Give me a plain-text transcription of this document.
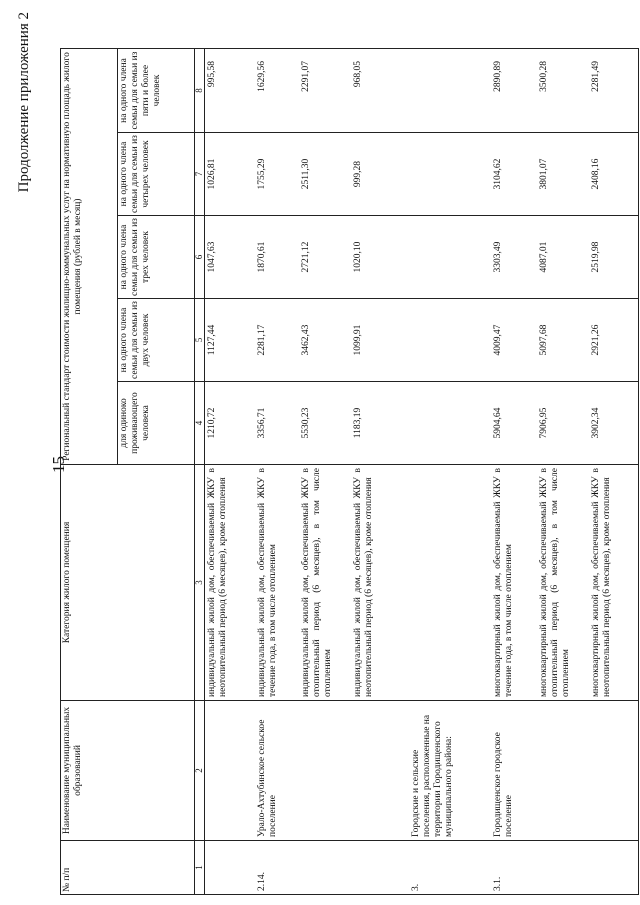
15
Продолжение приложения 2
№ п/п	Наименование муниципальных образований	Категория жилого помещения	Региональный стандарт стоимости жилищно-коммунальных услуг на нормативную площадь жилого помещения (рублей в месяц)				
			для одиноко проживающего человека	на одного члена семьи для семьи из двух человек	на одного члена семьи для семьи из трех человек	на одного члена семьи для семьи из четырех человек	на одного члена семьи для семьи из пяти и более человек
1	2	3	4	5	6	7	8
		индивидуальный жилой дом, обеспечиваемый ЖКУ в неотопительный период (6 месяцев), кроме отопления	1210,72	1127,44	1047,63	1026,81	995,58
2.14.	Урало-Ахтубинское сельское поселение	индивидуальный жилой дом, обеспечиваемый ЖКУ в течение года, в том числе отоплением	3356,71	2281,17	1870,61	1755,29	1629,56
		индивидуальный жилой дом, обеспечиваемый ЖКУ в отопительный период (6 месяцев), в том числе отоплением	5530,23	3462,43	2721,12	2511,30	2291,07
		индивидуальный жилой дом, обеспечиваемый ЖКУ в неотопительный период (6 месяцев), кроме отопления	1183,19	1099,91	1020,10	999,28	968,05
3.	Городские и сельские поселения, расположенные на территории Городищенского муниципального района:						
3.1.	Городищенское городское поселение	многоквартирный жилой дом, обеспечиваемый ЖКУ в течение года, в том числе отоплением	5904,64	4009,47	3303,49	3104,62	2890,89
		многоквартирный жилой дом, обеспечиваемый ЖКУ в отопительный период (6 месяцев), в том числе отоплением	7906,95	5097,68	4087,01	3801,07	3500,28
		многоквартирный жилой дом, обеспечиваемый ЖКУ в неотопительный период (6 месяцев), кроме отопления	3902,34	2921,26	2519,98	2408,16	2281,49
